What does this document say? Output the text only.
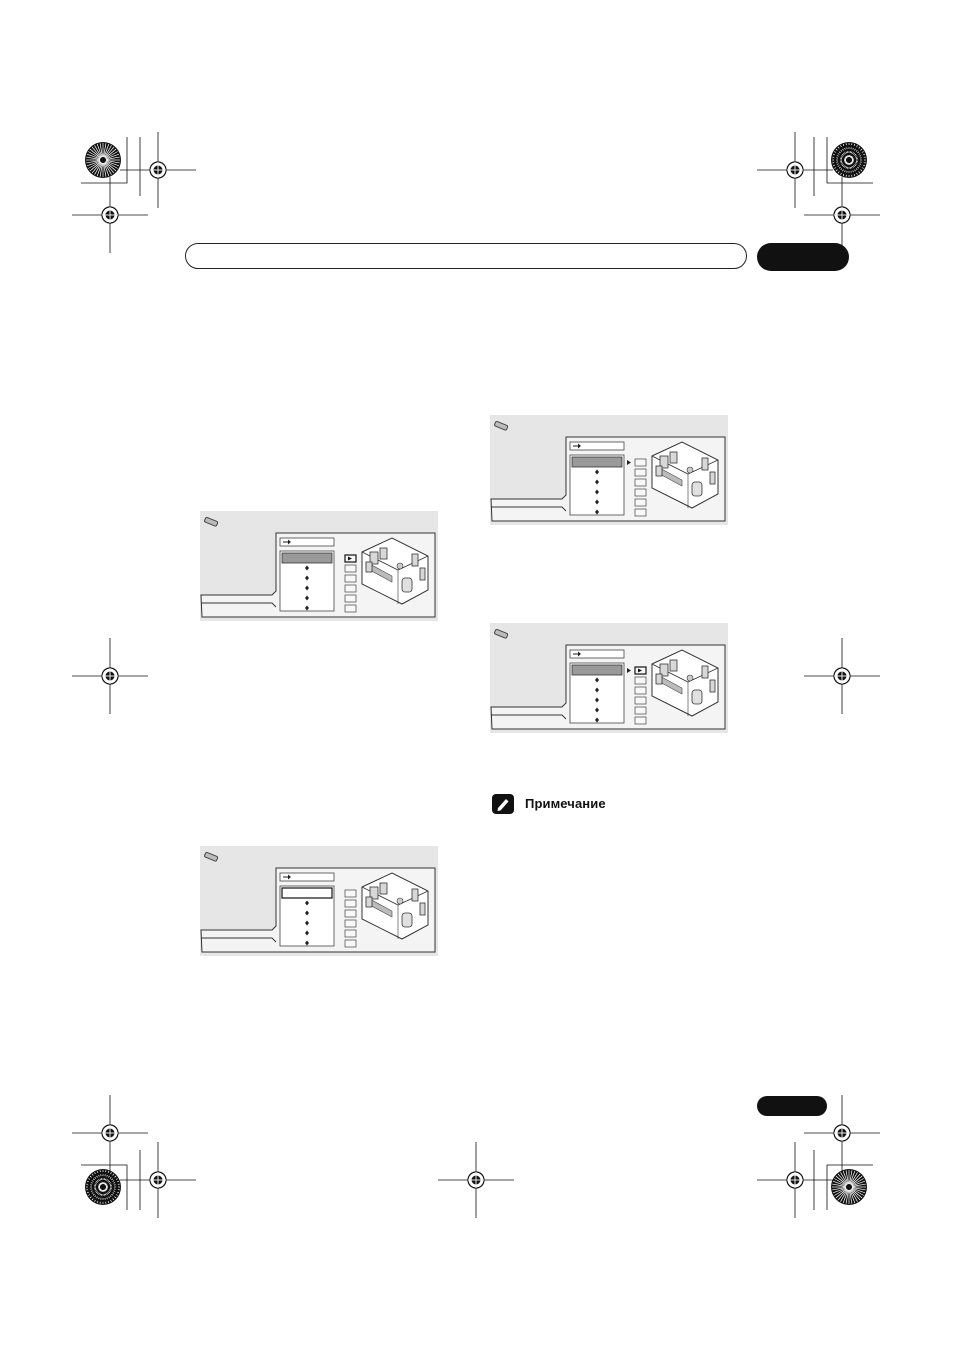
Примечание
